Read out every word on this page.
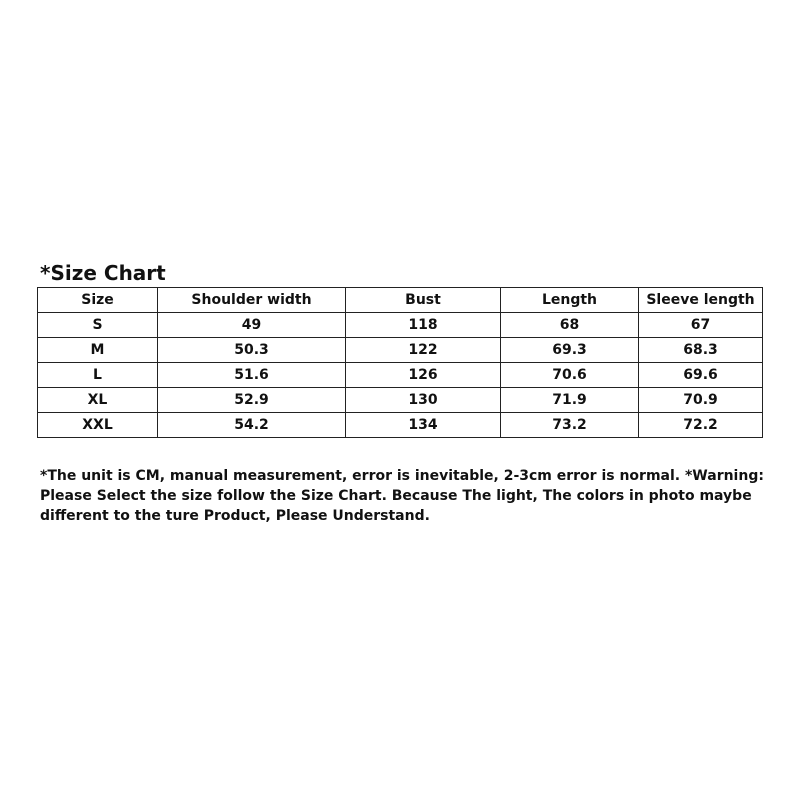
*Size Chart
Size	Shoulder width	Bust	Length	Sleeve length
S	49	118	68	67
M	50.3	122	69.3	68.3
L	51.6	126	70.6	69.6
XL	52.9	130	71.9	70.9
XXL	54.2	134	73.2	72.2

*The unit is CM, manual measurement, error is inevitable, 2-3cm error is normal. *Warning:

Please Select the size follow the Size Chart. Because The light, The colors in photo maybe

different to the ture Product, Please Understand.
